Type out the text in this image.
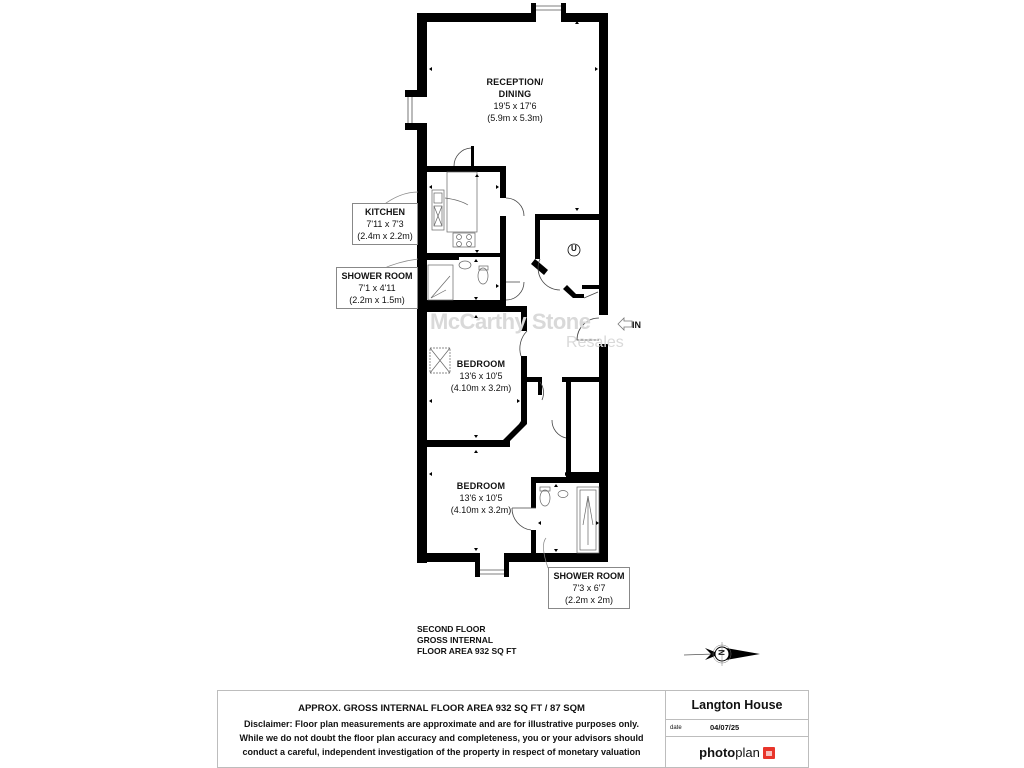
U
N
McCarthy Stone
Resales
RECEPTION/
DINING
19'5 x 17'6
(5.9m x 5.3m)
KITCHEN
7'11 x 7'3
(2.4m x 2.2m)
SHOWER ROOM
7'1 x 4'11
(2.2m x 1.5m)
BEDROOM
13'6 x 10'5
(4.10m x 3.2m)
BEDROOM
13'6 x 10'5
(4.10m x 3.2m)
SHOWER ROOM
7'3 x 6'7
(2.2m x 2m)
IN
SECOND FLOOR
GROSS INTERNAL
FLOOR AREA 932 SQ FT
APPROX. GROSS INTERNAL FLOOR AREA 932 SQ FT / 87 SQM
Disclaimer: Floor plan measurements are approximate and are for illustrative purposes only.
While we do not doubt the floor plan accuracy and completeness, you or your advisors should
conduct a careful, independent investigation of the property in respect of monetary valuation
Langton House
date	04/07/25
photoplan
